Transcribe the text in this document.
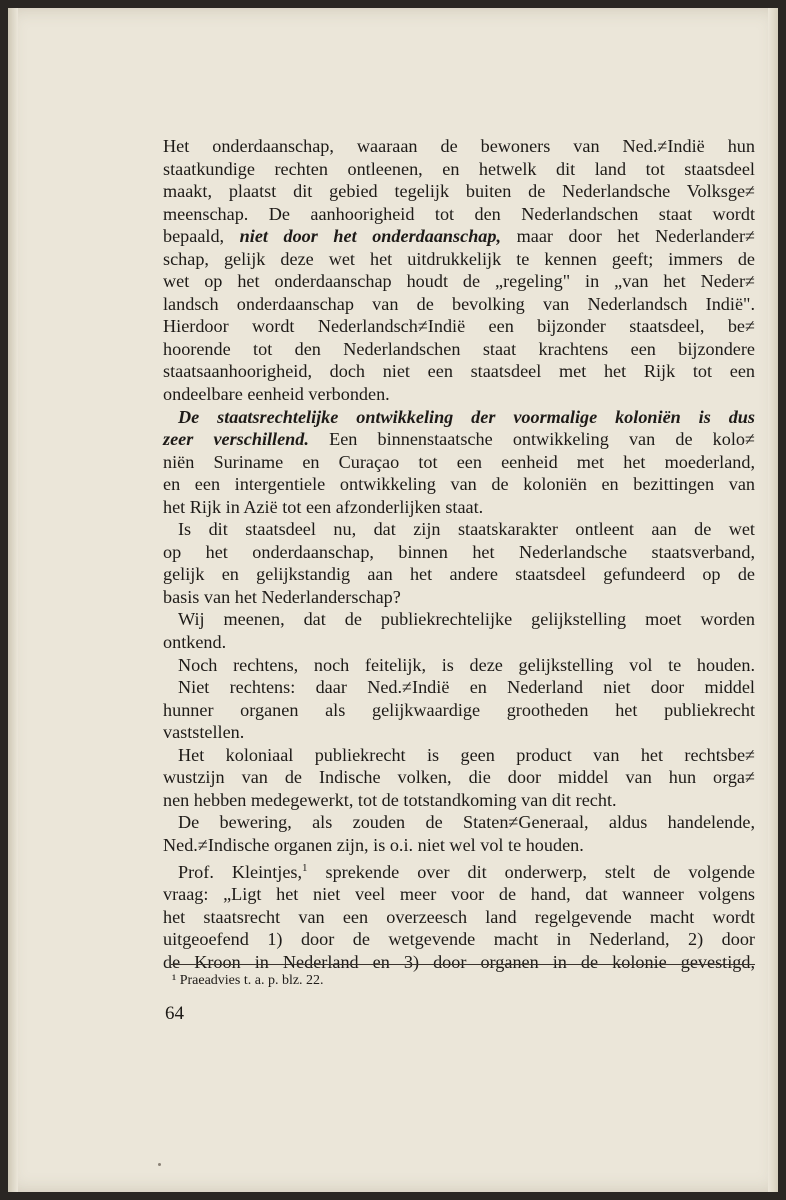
Het onderdaanschap, waaraan de bewoners van Ned.≠Indië hun
staatkundige rechten ontleenen, en hetwelk dit land tot staatsdeel
maakt, plaatst dit gebied tegelijk buiten de Nederlandsche Volksge≠
meenschap. De aanhoorigheid tot den Nederlandschen staat wordt
bepaald, niet door het onderdaanschap, maar door het Nederlander≠
schap, gelijk deze wet het uitdrukkelijk te kennen geeft; immers de
wet op het onderdaanschap houdt de „regeling" in „van het Neder≠
landsch onderdaanschap van de bevolking van Nederlandsch Indië".
Hierdoor wordt Nederlandsch≠Indië een bijzonder staatsdeel, be≠
hoorende tot den Nederlandschen staat krachtens een bijzondere
staatsaanhoorigheid, doch niet een staatsdeel met het Rijk tot een
ondeelbare eenheid verbonden.
De staatsrechtelijke ontwikkeling der voormalige koloniën is dus
zeer verschillend. Een binnenstaatsche ontwikkeling van de kolo≠
niën Suriname en Curaçao tot een eenheid met het moederland,
en een intergentiele ontwikkeling van de koloniën en bezittingen van
het Rijk in Azië tot een afzonderlijken staat.
Is dit staatsdeel nu, dat zijn staatskarakter ontleent aan de wet
op het onderdaanschap, binnen het Nederlandsche staatsverband,
gelijk en gelijkstandig aan het andere staatsdeel gefundeerd op de
basis van het Nederlanderschap?
Wij meenen, dat de publiekrechtelijke gelijkstelling moet worden
ontkend.
Noch rechtens, noch feitelijk, is deze gelijkstelling vol te houden.
Niet rechtens: daar Ned.≠Indië en Nederland niet door middel
hunner organen als gelijkwaardige grootheden het publiekrecht
vaststellen.
Het koloniaal publiekrecht is geen product van het rechtsbe≠
wustzijn van de Indische volken, die door middel van hun orga≠
nen hebben medegewerkt, tot de totstandkoming van dit recht.
De bewering, als zouden de Staten≠Generaal, aldus handelende,
Ned.≠Indische organen zijn, is o.i. niet wel vol te houden.
Prof. Kleintjes,$^1$ sprekende over dit onderwerp, stelt de volgende
vraag: „Ligt het niet veel meer voor de hand, dat wanneer volgens
het staatsrecht van een overzeesch land regelgevende macht wordt
uitgeoefend 1) door de wetgevende macht in Nederland, 2) door
de Kroon in Nederland en 3) door organen in de kolonie gevestigd,
¹ Praeadvies t. a. p. blz. 22.
64
